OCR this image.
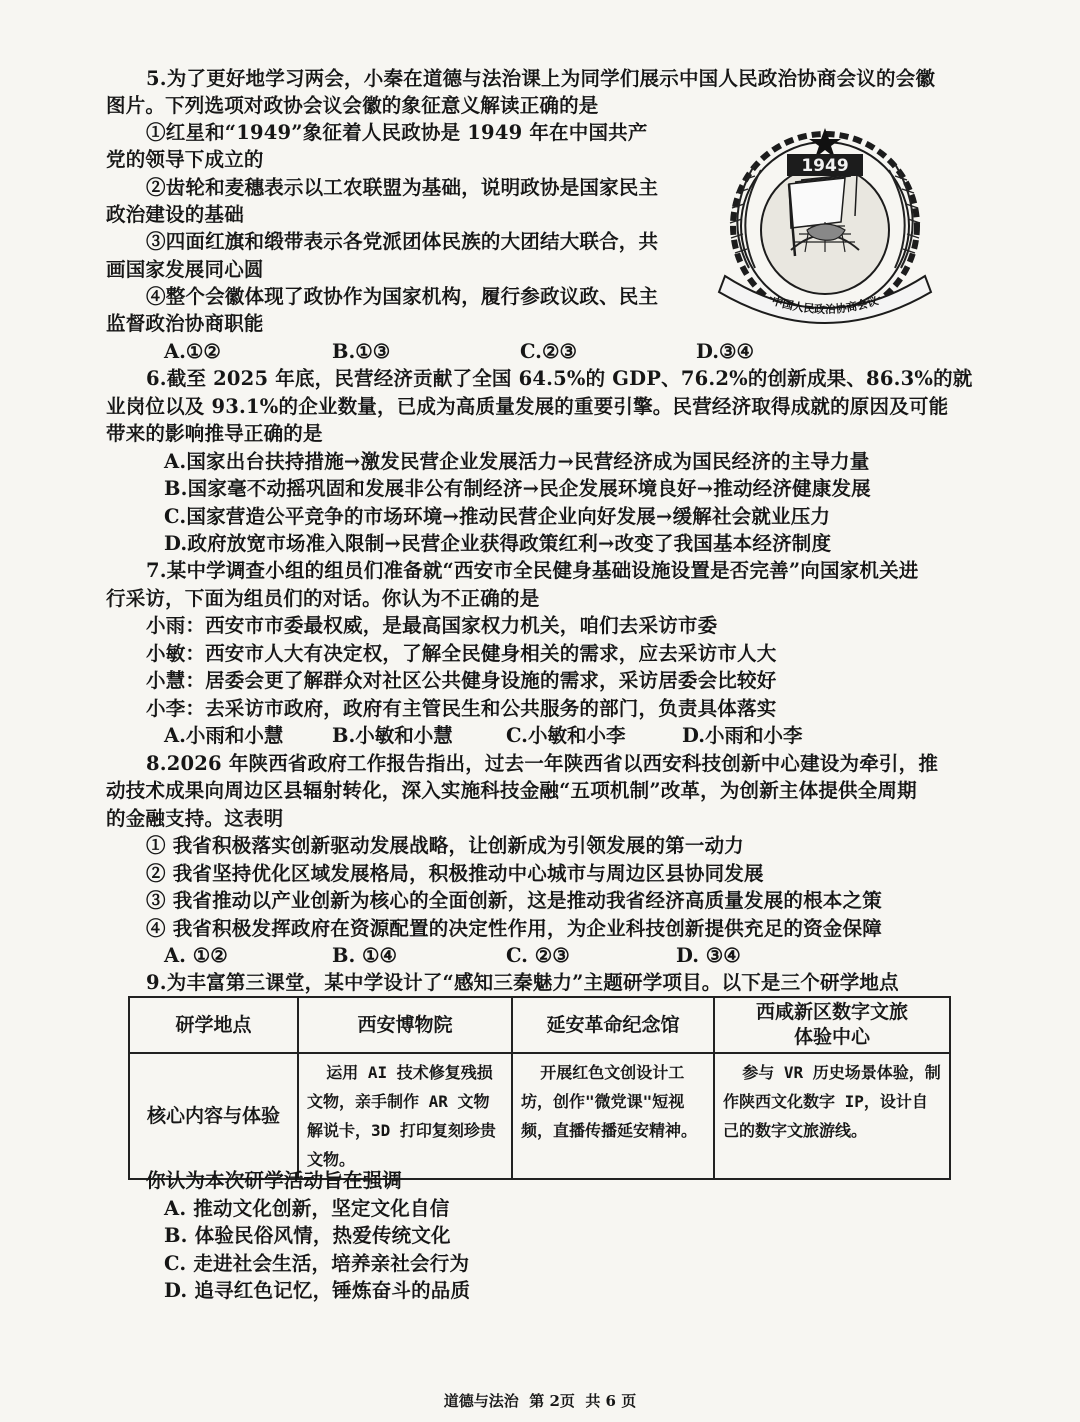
5.为了更好地学习两会，小秦在道德与法治课上为同学们展示中国人民政治协商会议的会徽
图片。下列选项对政协会议会徽的象征意义解读正确的是
①红星和“1949”象征着人民政协是 1949 年在中国共产
党的领导下成立的
②齿轮和麦穗表示以工农联盟为基础，说明政协是国家民主
政治建设的基础
③四面红旗和缎带表示各党派团体民族的大团结大联合，共
画国家发展同心圆
④整个会徽体现了政协作为国家机构，履行参政议政、民主
监督政治协商职能
A.①②	B.①③	C.②③	D.③④
1949
中国人民政治协商会议
6.截至 2025 年底，民营经济贡献了全国 64.5%的 GDP、76.2%的创新成果、86.3%的就
业岗位以及 93.1%的企业数量，已成为高质量发展的重要引擎。民营经济取得成就的原因及可能
带来的影响推导正确的是
A.国家出台扶持措施→激发民营企业发展活力→民营经济成为国民经济的主导力量
B.国家毫不动摇巩固和发展非公有制经济→民企发展环境良好→推动经济健康发展
C.国家营造公平竞争的市场环境→推动民营企业向好发展→缓解社会就业压力
D.政府放宽市场准入限制→民营企业获得政策红利→改变了我国基本经济制度
7.某中学调查小组的组员们准备就“西安市全民健身基础设施设置是否完善”向国家机关进
行采访，下面为组员们的对话。你认为不正确的是
小雨：西安市市委最权威，是最高国家权力机关，咱们去采访市委
小敏：西安市人大有决定权，了解全民健身相关的需求，应去采访市人大
小慧：居委会更了解群众对社区公共健身设施的需求，采访居委会比较好
小李：去采访市政府，政府有主管民生和公共服务的部门，负责具体落实
A.小雨和小慧 B.小敏和小慧	C.小敏和小李	D.小雨和小李
8.2026 年陕西省政府工作报告指出，过去一年陕西省以西安科技创新中心建设为牵引，推
动技术成果向周边区县辐射转化，深入实施科技金融“五项机制”改革，为创新主体提供全周期
的金融支持。这表明
① 我省积极落实创新驱动发展战略，让创新成为引领发展的第一动力
② 我省坚持优化区域发展格局，积极推动中心城市与周边区县协同发展
③ 我省推动以产业创新为核心的全面创新，这是推动我省经济高质量发展的根本之策
④ 我省积极发挥政府在资源配置的决定性作用，为企业科技创新提供充足的资金保障
A. ①②	B. ①④	C. ②③	D. ③④
9.为丰富第三课堂，某中学设计了“感知三秦魅力”主题研学项目。以下是三个研学地点
研学地点	西安博物院	延安革命纪念馆	西咸新区数字文旅
体验中心

核心内容与体验	运用 AI 技术修复残损文物，亲手制作 AR 文物解说卡，3D 打印复刻珍贵文物。	开展红色文创设计工坊，创作"微党课"短视频，直播传播延安精神。	参与 VR 历史场景体验，制作陕西文化数字 IP，设计自己的数字文旅游线。
你认为本次研学活动旨在强调
A. 推动文化创新，坚定文化自信
B. 体验民俗风情，热爱传统文化
C. 走进社会生活，培养亲社会行为
D. 追寻红色记忆，锤炼奋斗的品质
道德与法治  第 2页  共 6 页
